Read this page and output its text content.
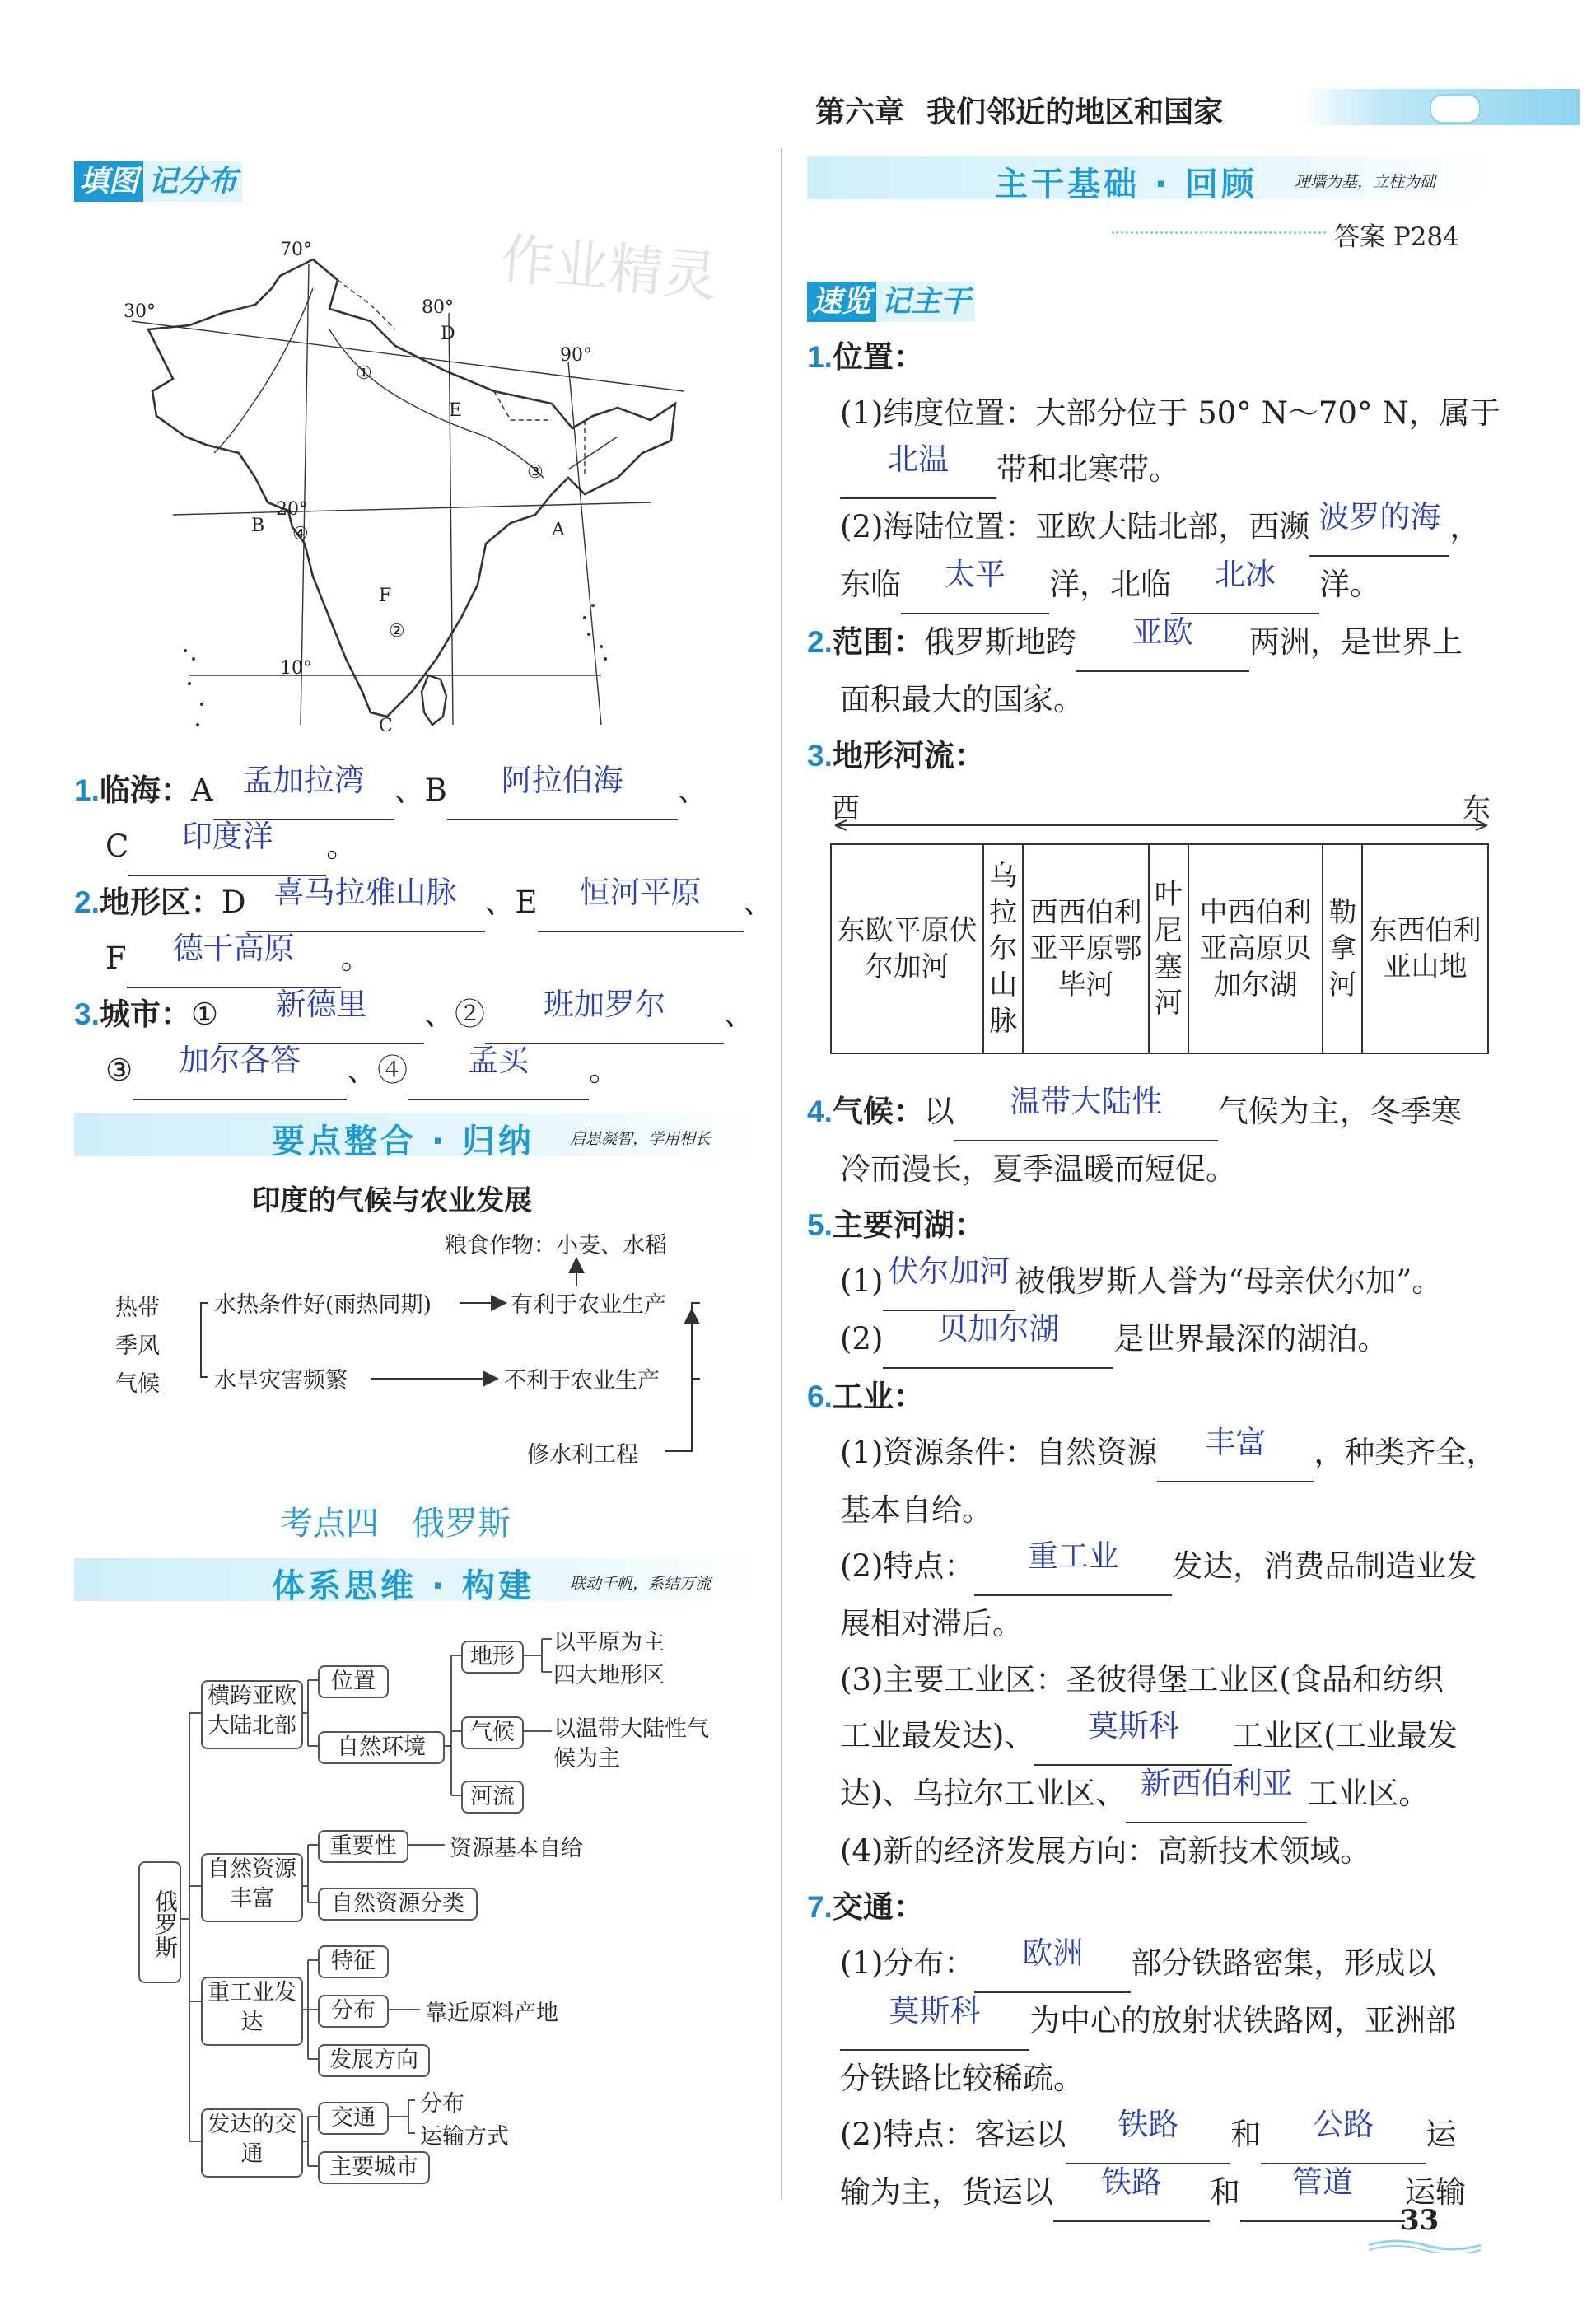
第六章 我们邻近的地区和国家
填图 记分布
作业精灵
70°
30°	80°
90°
20°
10°
D
E
A
B
F
C
①
②
③
④
1.临海：A 孟加拉湾 、B 阿拉伯海 、
C 印度洋 。
2.地形区：D 喜马拉雅山脉 、E 恒河平原 、
F 德干高原 。
3.城市：① 新德里 、② 班加罗尔 、
③ 加尔各答 、④ 孟买 。
要点整合 · 归纳 启思凝智，学用相长
印度的气候与农业发展
粮食作物：小麦、水稻
热带
季风
气候
水热条件好(雨热同期)	有利于农业生产
水旱灾害频繁	不利于农业生产
修水利工程
考点四　俄罗斯
体系思维 · 构建 联动千帆，系结万流
俄罗斯
横跨亚欧大陆北部
位置
自然环境
地形
以平原为主
四大地形区
气候	以温带大陆性气候为主
河流
自然资源丰富
重要性	资源基本自给
自然资源分类
重工业发达
特征
分布	靠近原料产地
发展方向
发达的交通
交通
分布
运输方式
主要城市
主干基础 · 回顾 理墙为基，立柱为础
答案 P284
速览 记主干
1.位置：
(1)纬度位置：大部分位于 50° N～70° N，属于
北温 带和北寒带。
(2)海陆位置：亚欧大陆北部，西濒 波罗的海 ，
东临 太平 洋，北临 北冰 洋。
2.范围：俄罗斯地跨 亚欧 两洲，是世界上
面积最大的国家。
3.地形河流：
西	东
东欧平原伏尔加河	乌拉尔山脉	西西伯利亚平原鄂毕河	叶尼塞河	中西伯利亚高原贝加尔湖	勒拿河	东西伯利亚山地
4.气候：以 温带大陆性 气候为主，冬季寒
冷而漫长，夏季温暖而短促。
5.主要河湖：
(1) 伏尔加河 被俄罗斯人誉为“母亲伏尔加”。
(2) 贝加尔湖 是世界最深的湖泊。
6.工业：
(1)资源条件：自然资源 丰富 ，种类齐全，
基本自给。
(2)特点： 重工业 发达，消费品制造业发
展相对滞后。
(3)主要工业区：圣彼得堡工业区(食品和纺织
工业最发达)、 莫斯科 工业区(工业最发
达)、乌拉尔工业区、 新西伯利亚 工业区。
(4)新的经济发展方向：高新技术领域。
7.交通：
(1)分布： 欧洲 部分铁路密集，形成以
莫斯科 为中心的放射状铁路网，亚洲部
分铁路比较稀疏。
(2)特点：客运以 铁路 和 公路 运
输为主，货运以 铁路 和 管道 运输
33
